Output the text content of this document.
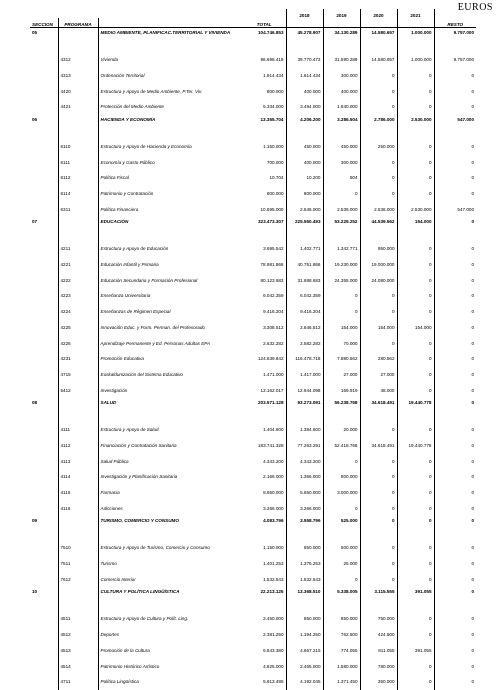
EUROS
				2018	2019	2020	2021	
SECCION	PROGRAMA		TOTAL					RESTO
05		MEDIO AMBIENTE, PLANIFICAC.TERRITORIAL Y VIVIENDA	104.746.853	45.278.907	34.130.289	14.580.657	1.000.000	9.757.000
	4312	Vivienda	96.698.419	39.770.473	31.590.289	14.580.657	1.000.000	9.757.000
	4313	Ordenación Territorial	1.914.434	1.614.434	300.000	0	0	0
	4420	Estructura y Apoyo de Medio Ambiente, P.Ter. Viv.	800.000	400.000	400.000	0	0	0
	4421	Protección del Medio Ambiente	5.334.000	3.494.000	1.840.000	0	0	0
06		HACIENDA Y ECONOMÍA	13.355.704	4.206.200	3.286.504	2.786.000	2.530.000	547.000
	6110	Estructura y Apoyo de Hacienda y Economía	1.150.000	450.000	450.000	250.000	0	0
	6111	Economía y Gasto Público	700.000	400.000	300.000	0	0	0
	6112	Política Fiscal	10.704	10.200	504	0	0	0
	6114	Patrimonio y Contratación	800.000	800.000	0	0	0	0
	6311	Política Financiera	10.695.000	2.546.000	2.536.000	2.536.000	2.530.000	547.000
07		EDUCACIÓN	323.473.307	225.550.493	53.229.252	44.539.562	154.000	0
	4211	Estructura y Apoyo de Educación	3.695.542	1.402.771	1.342.771	950.000	0	0
	4221	Educación Infantil y Primaria	78.981.866	40.751.866	19.230.000	19.000.000	0	0
	4222	Educación Secundaria y Formación Profesional	80.123.683	31.688.683	24.355.000	24.080.000	0	0
	4223	Enseñanza Universitaria	6.042.359	6.042.359	0	0	0	0
	4224	Enseñanzas de Régimen Especial	9.416.204	9.416.204	0	0	0	0
	4225	Innovación Educ. y Form. Perman. del Profesorado	3.308.512	2.846.512	154.000	154.000	154.000	0
	4226	Aprendizaje Permanente y Ed. Personas Adultas EPA	2.632.282	2.582.282	70.000	0	0	0
	4231	Promoción Educativa	124.639.842	116.478.718	7.880.562	280.562	0	0
	4715	Euskaldunización del Sistema Educativo	1.471.000	1.417.000	27.000	27.000	0	0
	5412	Investigación	13.162.017	12.944.098	169.919	48.000	0	0
08		SALUD	203.571.128	93.273.091	56.238.768	34.618.491	19.440.778	0
	4111	Estructura y Apoyo de Salud	1.404.600	1.384.600	20.000	0	0	0
	4112	Financiación y Contratación Sanitaria	183.741.328	77.263.291	52.418.768	34.618.491	19.440.778	0
	4113	Salud Pública	4.343.200	4.343.200	0	0	0	0
	4114	Investigación y Planificación Sanitaria	2.166.000	1.366.000	800.000	0	0	0
	4115	Farmacia	8.650.000	5.650.000	3.000.000	0	0	0
	4116	Adicciones	3.266.000	3.266.000	0	0	0	0
09		TURISMO, COMERCIO Y CONSUMO	4.083.796	3.558.796	525.000	0	0	0
	7510	Estructura y Apoyo de Turismo, Comercio y Consumo	1.150.000	650.000	500.000	0	0	0
	7511	Turismo	1.401.253	1.376.253	25.000	0	0	0
	7612	Comercio Interior	1.532.543	1.532.543	0	0	0	0
10		CULTURA Y POLÍTICA LINGÜÍSTICA	22.213.125	13.368.510	5.338.005	3.115.555	391.055	0
	4511	Estructura y Apoyo de Cultura y Polít. Ling.	2.450.000	850.000	850.000	750.000	0	0
	4512	Deportes	2.381.250	1.194.250	762.500	424.500	0	0
	4513	Promoción de la Cultura	6.643.380	4.667.215	774.055	811.055	391.055	0
	4514	Patrimonio Histórico Artístico	4.825.000	2.465.000	1.580.000	780.000	0	0
	4711	Política Lingüística	5.913.495	4.192.045	1.371.450	350.000	0	0
